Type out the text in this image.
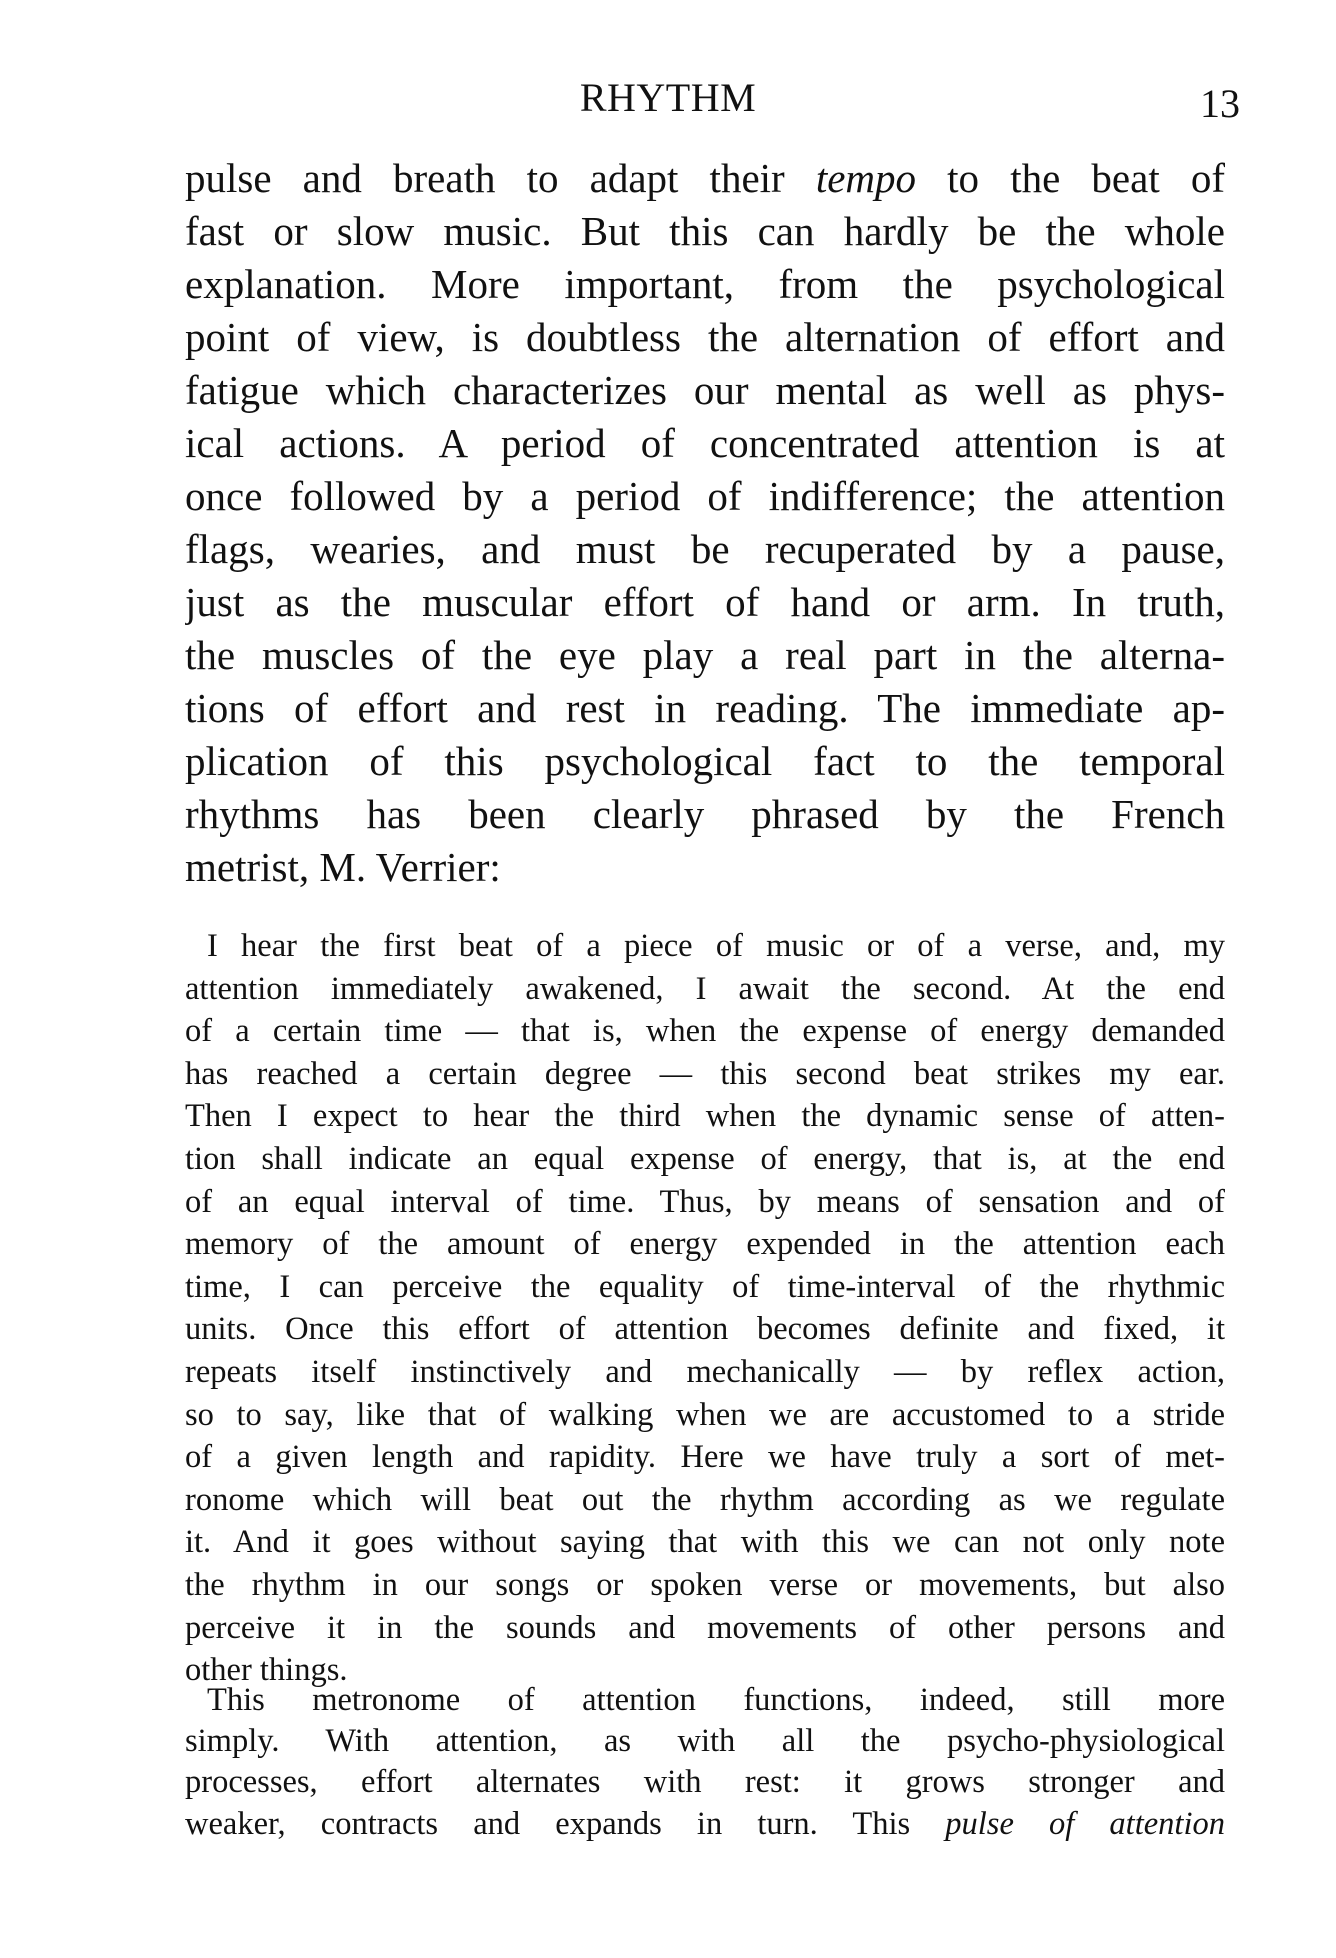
RHYTHM	13
pulse and breath to adapt their tempo to the beat of
fast or slow music. But this can hardly be the whole
explanation. More important, from the psychological
point of view, is doubtless the alternation of effort and
fatigue which characterizes our mental as well as phys-
ical actions. A period of concentrated attention is at
once followed by a period of indifference; the attention
flags, wearies, and must be recuperated by a pause,
just as the muscular effort of hand or arm. In truth,
the muscles of the eye play a real part in the alterna-
tions of effort and rest in reading. The immediate ap-
plication of this psychological fact to the temporal
rhythms has been clearly phrased by the French
metrist, M. Verrier:
I hear the first beat of a piece of music or of a verse, and, my
attention immediately awakened, I await the second. At the end
of a certain time — that is, when the expense of energy demanded
has reached a certain degree — this second beat strikes my ear.
Then I expect to hear the third when the dynamic sense of atten-
tion shall indicate an equal expense of energy, that is, at the end
of an equal interval of time. Thus, by means of sensation and of
memory of the amount of energy expended in the attention each
time, I can perceive the equality of time-interval of the rhythmic
units. Once this effort of attention becomes definite and fixed, it
repeats itself instinctively and mechanically — by reflex action,
so to say, like that of walking when we are accustomed to a stride
of a given length and rapidity. Here we have truly a sort of met-
ronome which will beat out the rhythm according as we regulate
it. And it goes without saying that with this we can not only note
the rhythm in our songs or spoken verse or movements, but also
perceive it in the sounds and movements of other persons and
other things.
This metronome of attention functions, indeed, still more
simply. With attention, as with all the psycho-physiological
processes, effort alternates with rest: it grows stronger and
weaker, contracts and expands in turn. This pulse of attention
